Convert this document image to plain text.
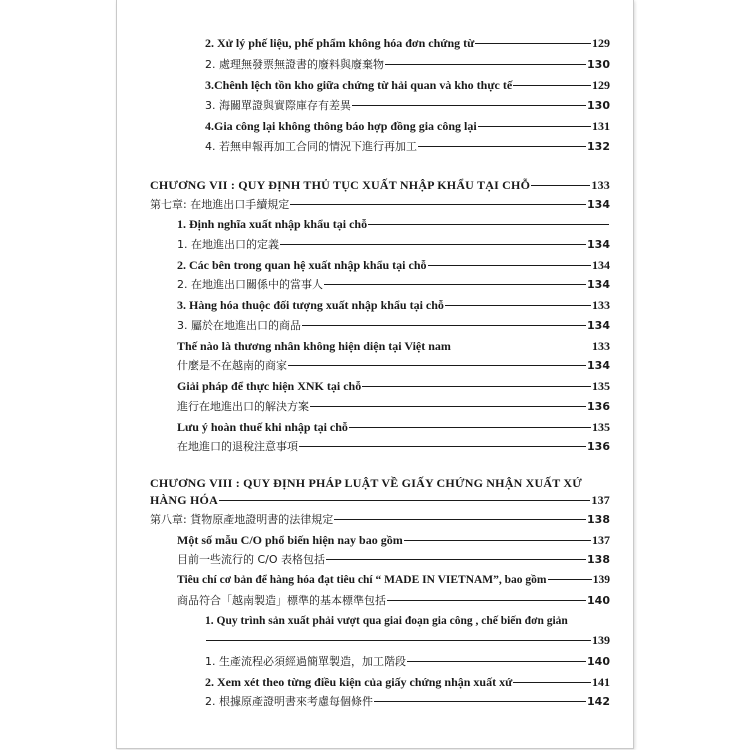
2. Xử lý phế liệu, phế phẩm không hóa đơn chứng từ	129
2. 處理無發票無證書的廢料與廢棄物	130
3.Chênh lệch tồn kho giữa chứng từ hải quan và kho thực tế	129
3. 海關單證與實際庫存有差異	130
4.Gia công lại không thông báo hợp đồng gia công lại	131
4. 若無申報再加工合同的情況下進行再加工	132
CHƯƠNG VII : QUY ĐỊNH THỦ TỤC XUẤT NHẬP KHẨU TẠI CHỖ	133
第七章: 在地進出口手續規定	134
1. Định nghĩa xuất nhập khẩu tại chỗ
1. 在地進出口的定義	134
2. Các bên trong quan hệ xuất nhập khẩu tại chỗ	134
2. 在地進出口關係中的當事人	134
3. Hàng hóa thuộc đối tượng xuất nhập khẩu tại chỗ	133
3. 屬於在地進出口的商品	134
Thế nào là thương nhân không hiện diện tại Việt nam	133
什麼是不在越南的商家	134
Giải pháp để thực hiện XNK tại chỗ	135
進行在地進出口的解決方案	136
Lưu ý hoàn thuế khi nhập tại chỗ	135
在地進口的退稅注意事項	136
CHƯƠNG VIII : QUY ĐỊNH PHÁP LUẬT VỀ GIẤY CHỨNG NHẬN XUẤT XỨ
HÀNG HÓA	137
第八章: 貨物原產地證明書的法律規定	138
Một số mẫu C/O phổ biến hiện nay bao gồm	137
目前一些流行的 C/O 表格包括	138
Tiêu chí cơ bản để hàng hóa đạt tiêu chí “ MADE IN VIETNAM”, bao gồm	139
商品符合「越南製造」標準的基本標準包括	140
1. Quy trình sản xuất phải vượt qua giai đoạn gia công , chế biến đơn giản
139
1. 生產流程必須經過簡單製造，加工階段	140
2. Xem xét theo từng điều kiện của giấy chứng nhận xuất xứ	141
2. 根據原產證明書來考慮每個條件	142
